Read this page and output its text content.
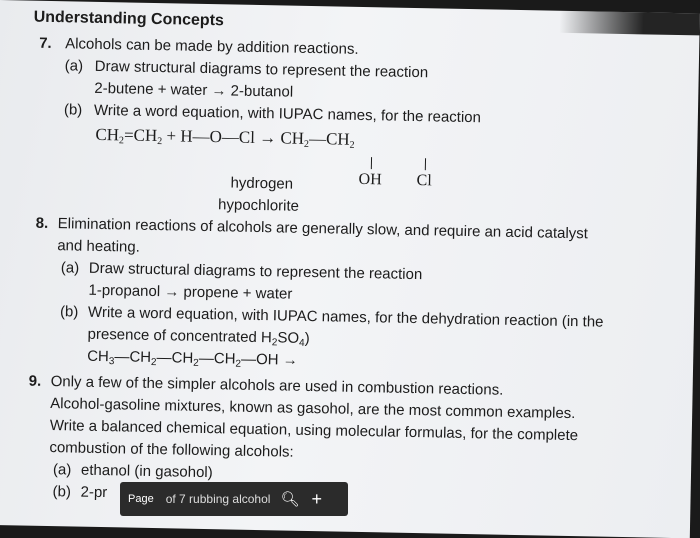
Understanding Concepts
7. Alcohols can be made by addition reactions.
(a) Draw structural diagrams to represent the reaction
2-butene + water → 2-butanol
(b) Write a word equation, with IUPAC names, for the reaction
$CH_2=CH_2$ + H—O—Cl → $CH_2—CH_2$
OH Cl
hydrogen
hypochlorite
8. Elimination reactions of alcohols are generally slow, and require an acid catalyst
and heating.
(a) Draw structural diagrams to represent the reaction
1-propanol → propene + water
(b) Write a word equation, with IUPAC names, for the dehydration reaction (in the
presence of concentrated $H_2SO_4$)
$CH_3—CH_2—CH_2—CH_2—OH$ →
9. Only a few of the simpler alcohols are used in combustion reactions.
Alcohol-gasoline mixtures, known as gasohol, are the most common examples.
Write a balanced chemical equation, using molecular formulas, for the complete
combustion of the following alcohols:
(a) ethanol (in gasohol)
(b) 2-pr	Page of 7 rubbing alcohol 🔍︎ +
